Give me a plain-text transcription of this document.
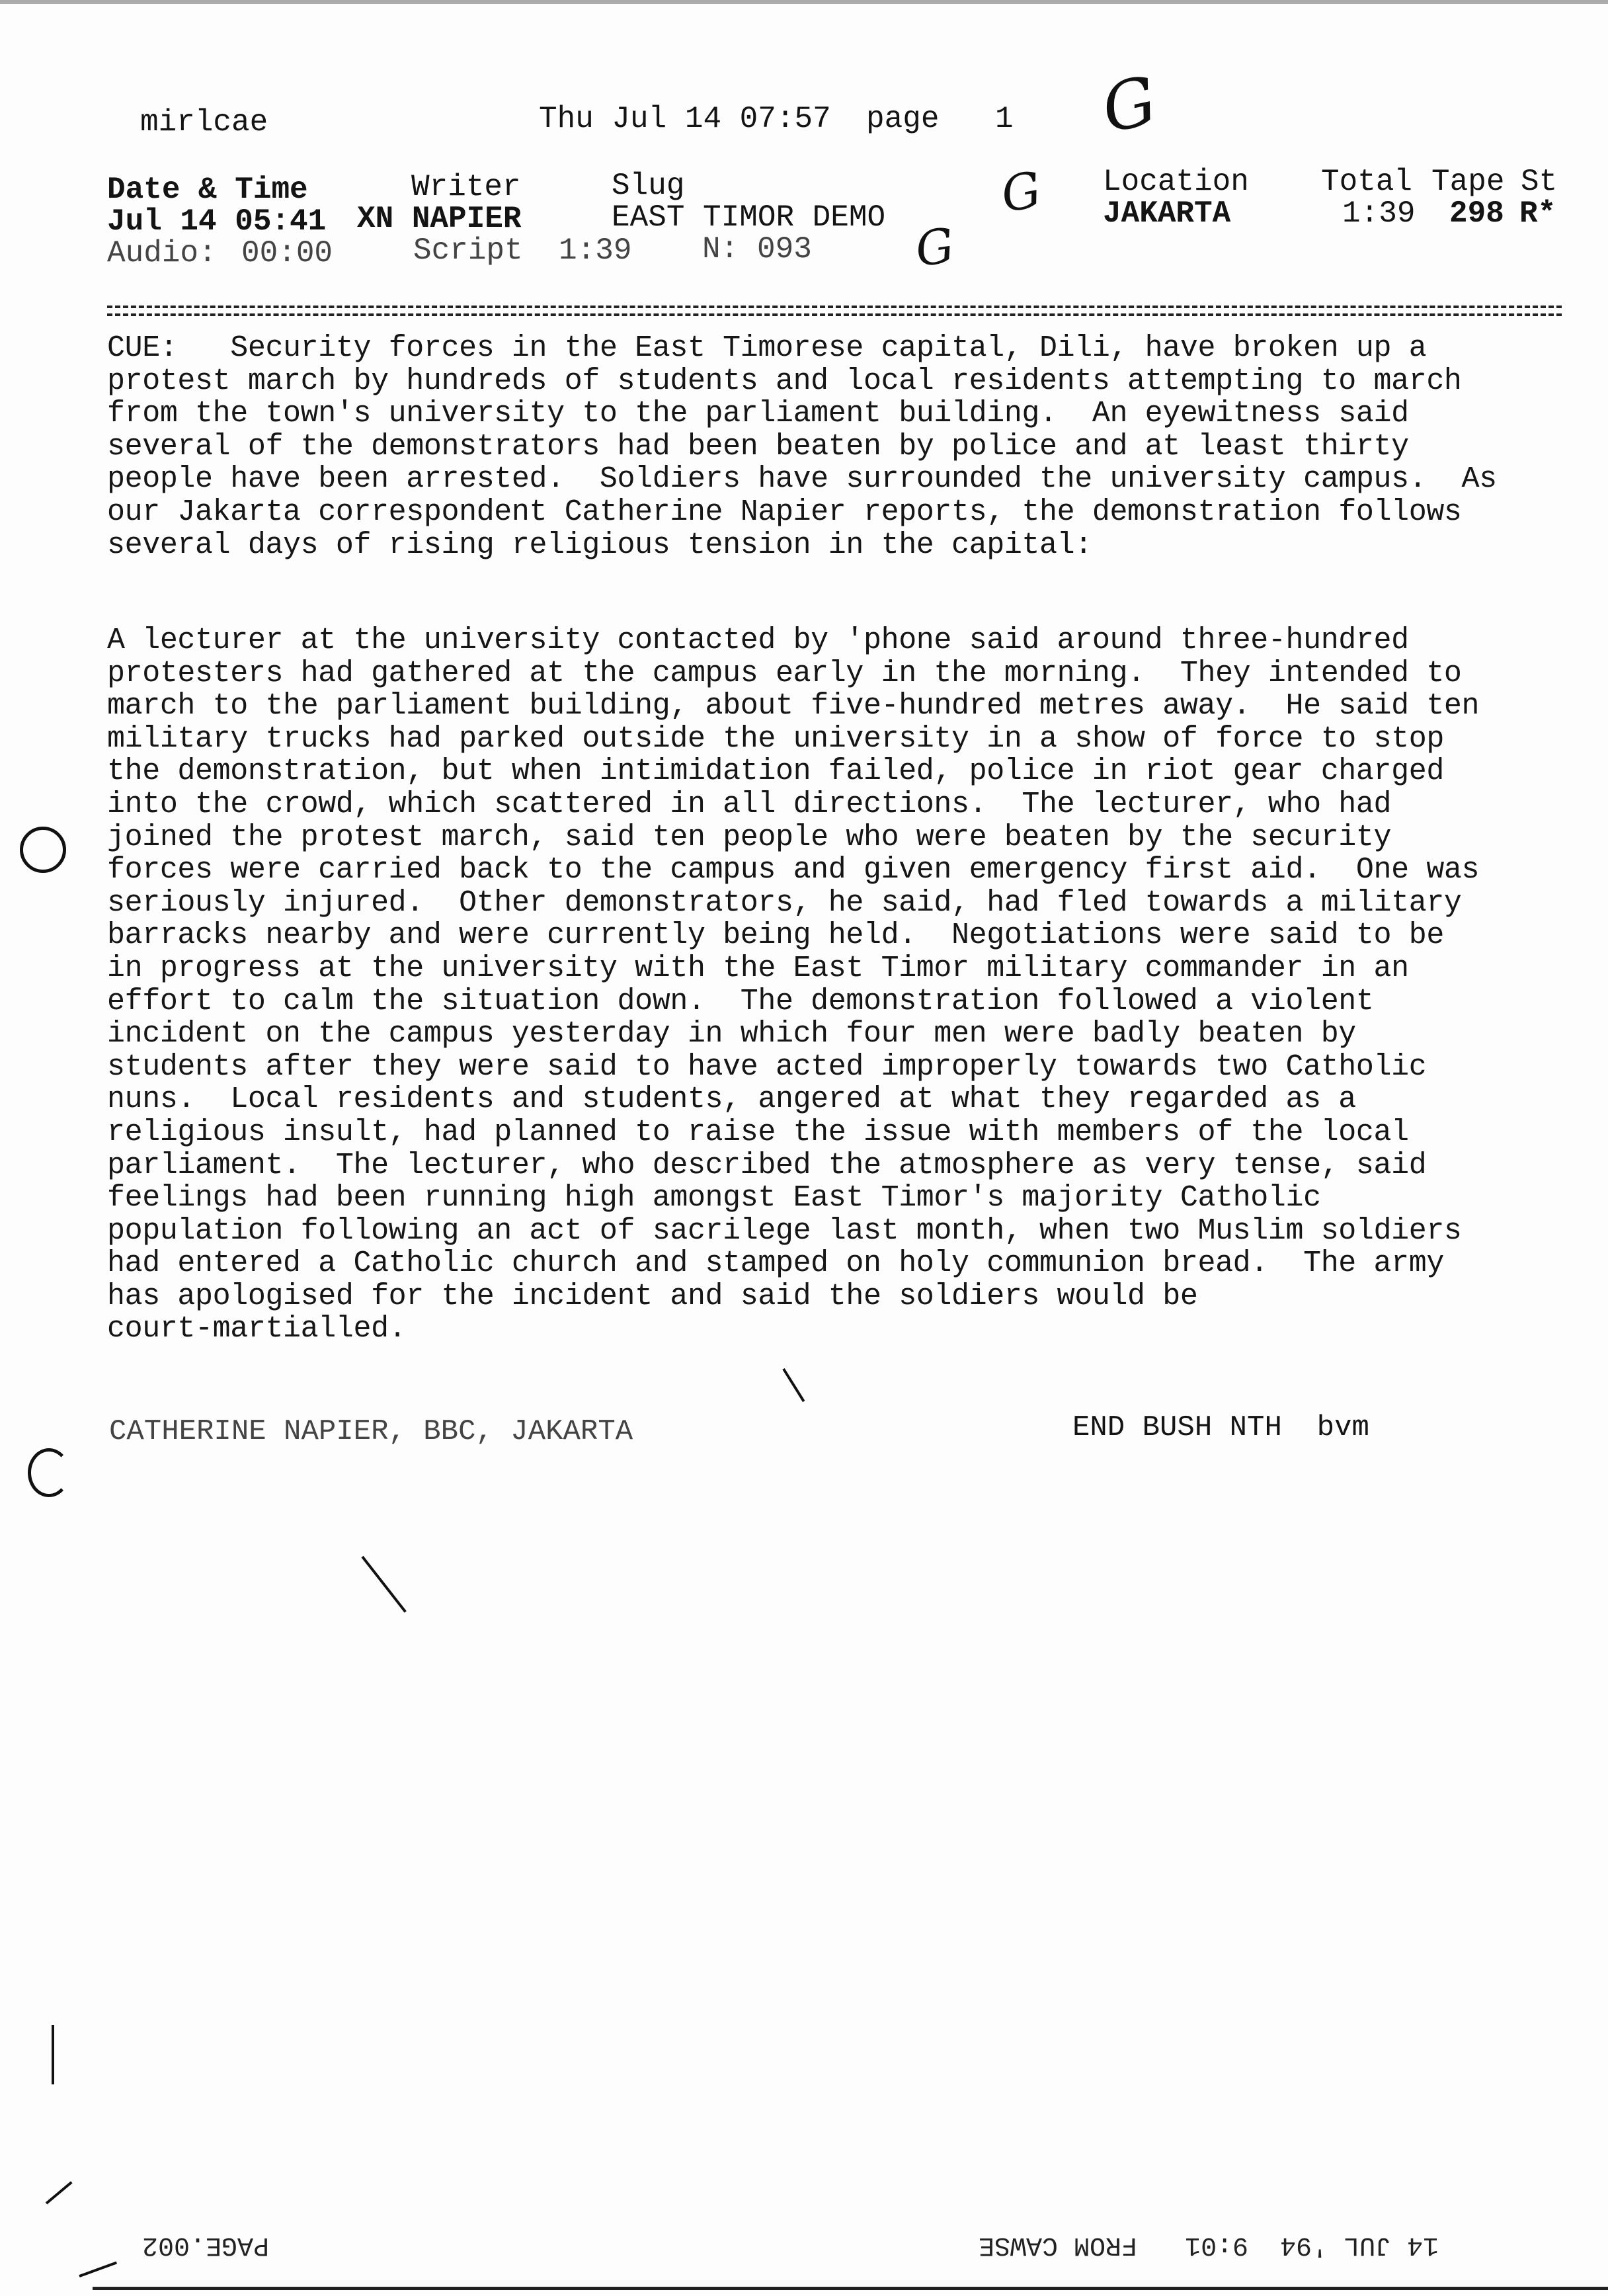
mirlcae	Thu Jul 14 07:57 page 1 G
G
G
Date & Time
Jul 14 05:41
Audio: 00:00
Writer
XN NAPIER
Script 1:39
Slug
EAST TIMOR DEMO
N: 093
Location
JAKARTA
Total
1:39
Tape
298
St
R*
CUE: Security forces in the East Timorese capital, Dili, have broken up a
protest march by hundreds of students and local residents attempting to march
from the town's university to the parliament building.  An eyewitness said
several of the demonstrators had been beaten by police and at least thirty
people have been arrested.  Soldiers have surrounded the university campus.  As
our Jakarta correspondent Catherine Napier reports, the demonstration follows
several days of rising religious tension in the capital:
A lecturer at the university contacted by 'phone said around three-hundred
protesters had gathered at the campus early in the morning.  They intended to
march to the parliament building, about five-hundred metres away.  He said ten
military trucks had parked outside the university in a show of force to stop
the demonstration, but when intimidation failed, police in riot gear charged
into the crowd, which scattered in all directions.  The lecturer, who had
joined the protest march, said ten people who were beaten by the security
forces were carried back to the campus and given emergency first aid.  One was
seriously injured.  Other demonstrators, he said, had fled towards a military
barracks nearby and were currently being held.  Negotiations were said to be
in progress at the university with the East Timor military commander in an
effort to calm the situation down.  The demonstration followed a violent
incident on the campus yesterday in which four men were badly beaten by
students after they were said to have acted improperly towards two Catholic
nuns.  Local residents and students, angered at what they regarded as a
religious insult, had planned to raise the issue with members of the local
parliament.  The lecturer, who described the atmosphere as very tense, said
feelings had been running high amongst East Timor's majority Catholic
population following an act of sacrilege last month, when two Muslim soldiers
had entered a Catholic church and stamped on holy communion bread.  The army
has apologised for the incident and said the soldiers would be
court-martialled.
CATHERINE NAPIER, BBC, JAKARTA	END BUSH NTH  bvm
14 JUL '94  9:01   FROM CAWSE
PAGE.002
